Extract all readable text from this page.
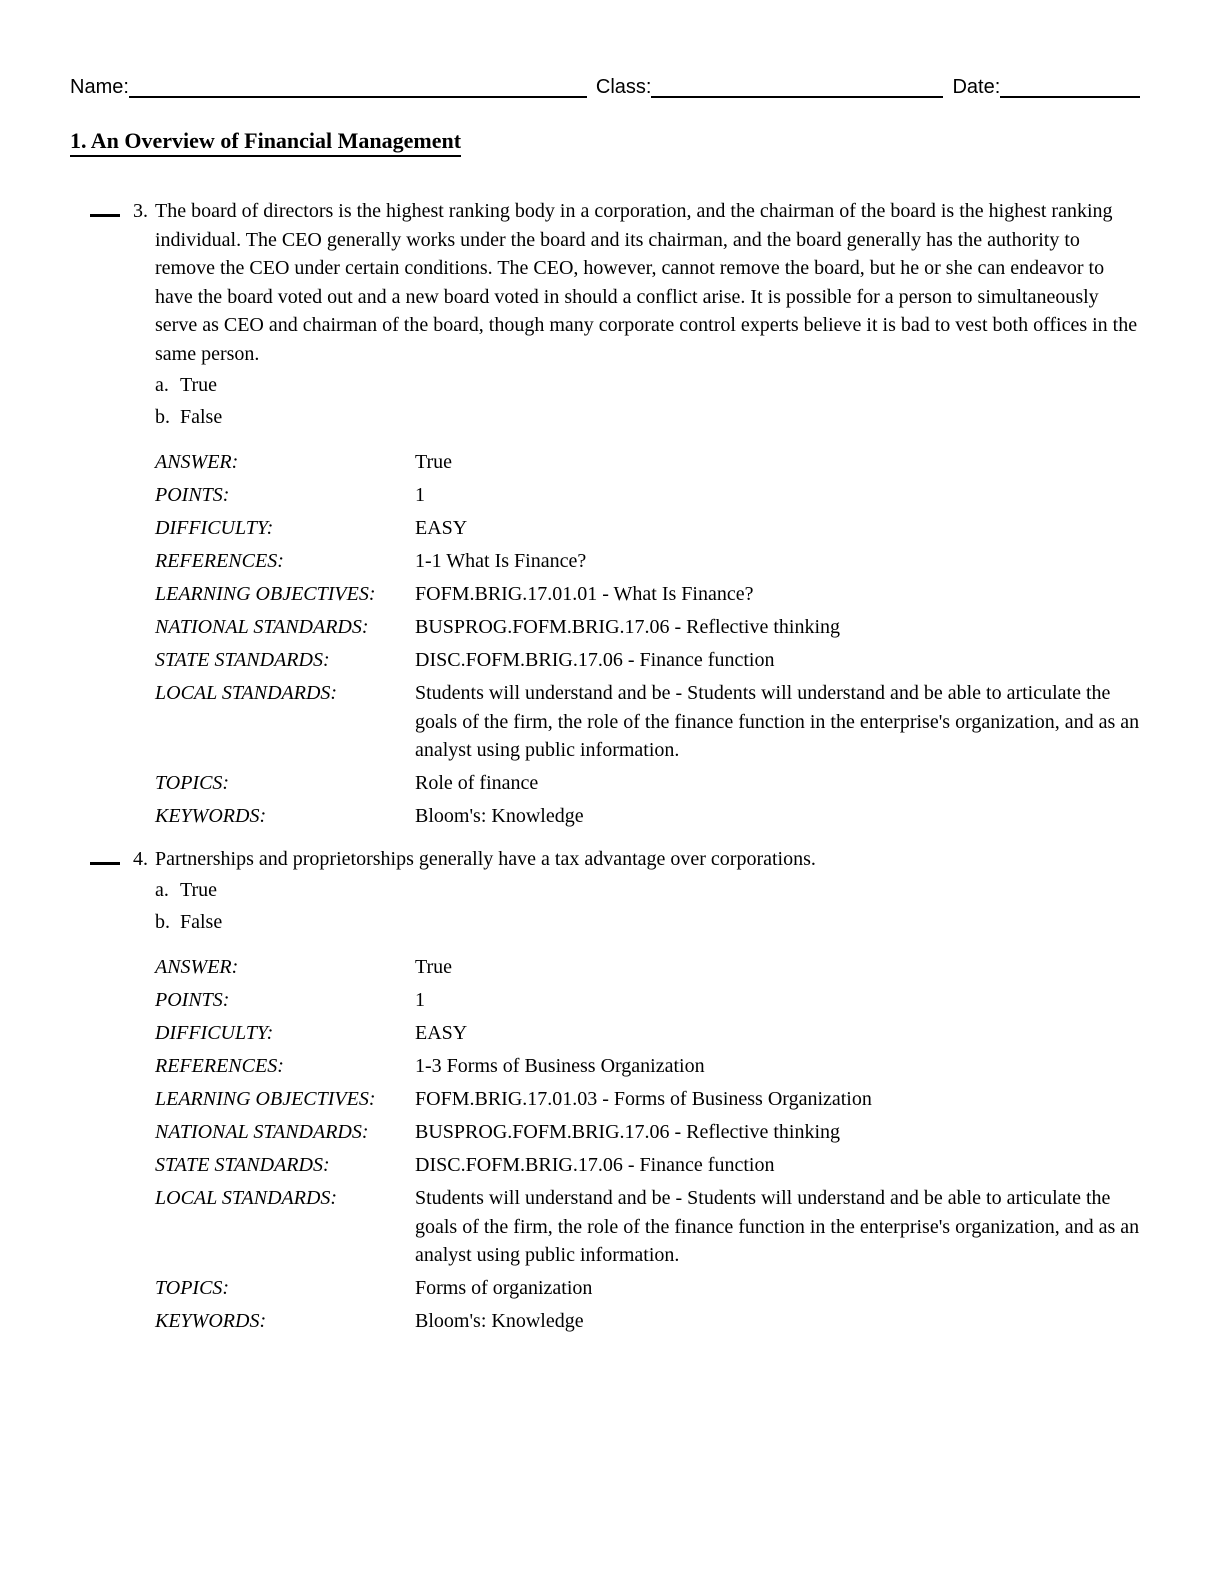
Name:	Class:	Date:
1. An Overview of Financial Management

3. The board of directors is the highest ranking body in a corporation, and the chairman of the board is the highest ranking individual. The CEO generally works under the board and its chairman, and the board generally has the authority to remove the CEO under certain conditions. The CEO, however, cannot remove the board, but he or she can endeavor to have the board voted out and a new board voted in should a conflict arise. It is possible for a person to simultaneously serve as CEO and chairman of the board, though many corporate control experts believe it is bad to vest both offices in the same person.

a. True
b. False
ANSWER:	True
POINTS:	1
DIFFICULTY:	EASY
REFERENCES:	1-1 What Is Finance?
LEARNING OBJECTIVES:	FOFM.BRIG.17.01.01 - What Is Finance?
NATIONAL STANDARDS:	BUSPROG.FOFM.BRIG.17.06 - Reflective thinking
STATE STANDARDS:	DISC.FOFM.BRIG.17.06 - Finance function
LOCAL STANDARDS:	Students will understand and be - Students will understand and be able to articulate the goals of the firm, the role of the finance function in the enterprise's organization, and as an analyst using public information.
TOPICS:	Role of finance
KEYWORDS:	Bloom's: Knowledge

4. Partnerships and proprietorships generally have a tax advantage over corporations.

a. True
b. False
ANSWER:	True
POINTS:	1
DIFFICULTY:	EASY
REFERENCES:	1-3 Forms of Business Organization
LEARNING OBJECTIVES:	FOFM.BRIG.17.01.03 - Forms of Business Organization
NATIONAL STANDARDS:	BUSPROG.FOFM.BRIG.17.06 - Reflective thinking
STATE STANDARDS:	DISC.FOFM.BRIG.17.06 - Finance function
LOCAL STANDARDS:	Students will understand and be - Students will understand and be able to articulate the goals of the firm, the role of the finance function in the enterprise's organization, and as an analyst using public information.
TOPICS:	Forms of organization
KEYWORDS:	Bloom's: Knowledge
